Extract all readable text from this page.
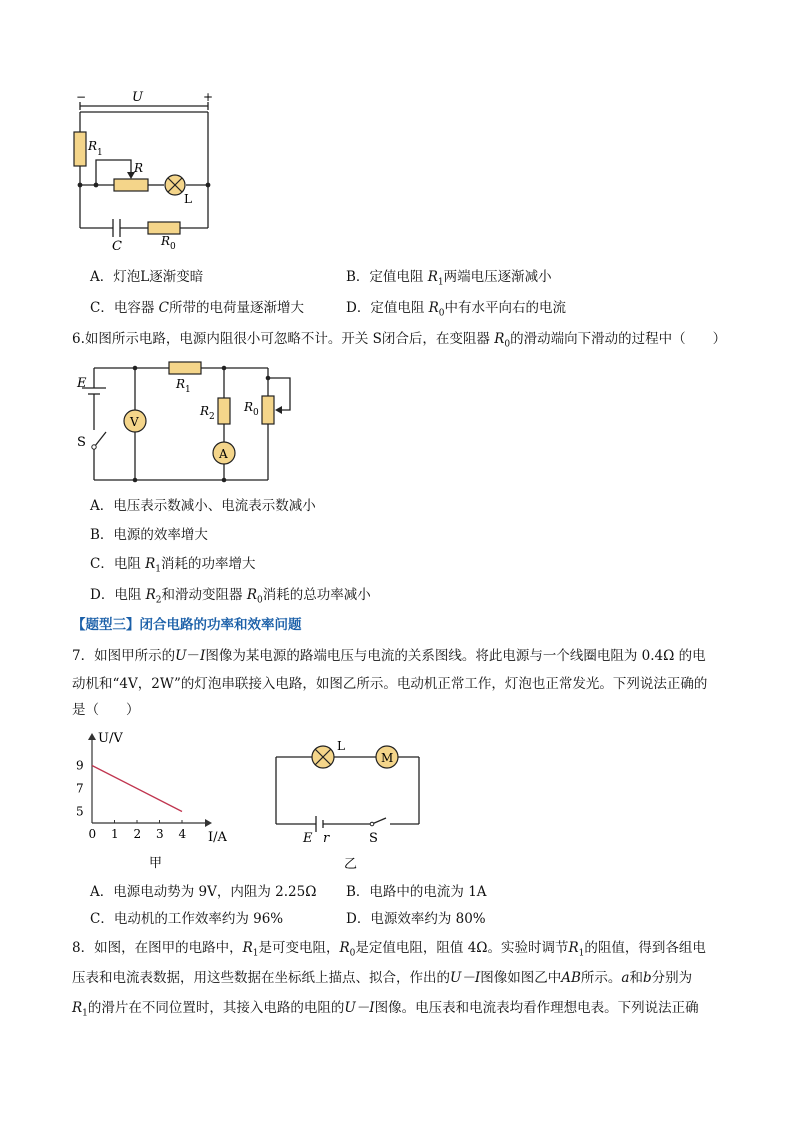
−	U	+
R 1
R
L
C	R 0
A．灯泡L逐渐变暗	B．定值电阻 $R_1$两端电压逐渐减小
C．电容器 C所带的电荷量逐渐增大	D．定值电阻 $R_0$中有水平向右的电流
6.如图所示电路，电源内阻很小可忽略不计。开关 S闭合后，在变阻器 $R_0$的滑动端向下滑动的过程中（　　）
E	R 1
R 2
R 0
V
A
S
A．电压表示数减小、电流表示数减小
B．电源的效率增大
C．电阻 $R_1$消耗的功率增大
D．电阻 $R_2$和滑动变阻器 $R_0$消耗的总功率减小
【题型三】闭合电路的功率和效率问题
7．如图甲所示的U－I图像为某电源的路端电压与电流的关系图线。将此电源与一个线圈电阻为 0.4Ω 的电
动机和“4V，2W”的灯泡串联接入电路，如图乙所示。电动机正常工作，灯泡也正常发光。下列说法正确的
是（　　）
U/V
I/A
甲
0 1 2 3 4
9
7
5
L
M
E r	S
乙
A．电源电动势为 9V，内阻为 2.25Ω B．电路中的电流为 1A
C．电动机的工作效率约为 96%	D．电源效率约为 80%
8．如图，在图甲的电路中，$R_1$是可变电阻，$R_0$是定值电阻，阻值 4Ω。实验时调节$R_1$的阻值，得到各组电
压表和电流表数据，用这些数据在坐标纸上描点、拟合，作出的U－I图像如图乙中AB所示。a和b分别为
$R_1$的滑片在不同位置时，其接入电路的电阻的U－I图像。电压表和电流表均看作理想电表。下列说法正确
